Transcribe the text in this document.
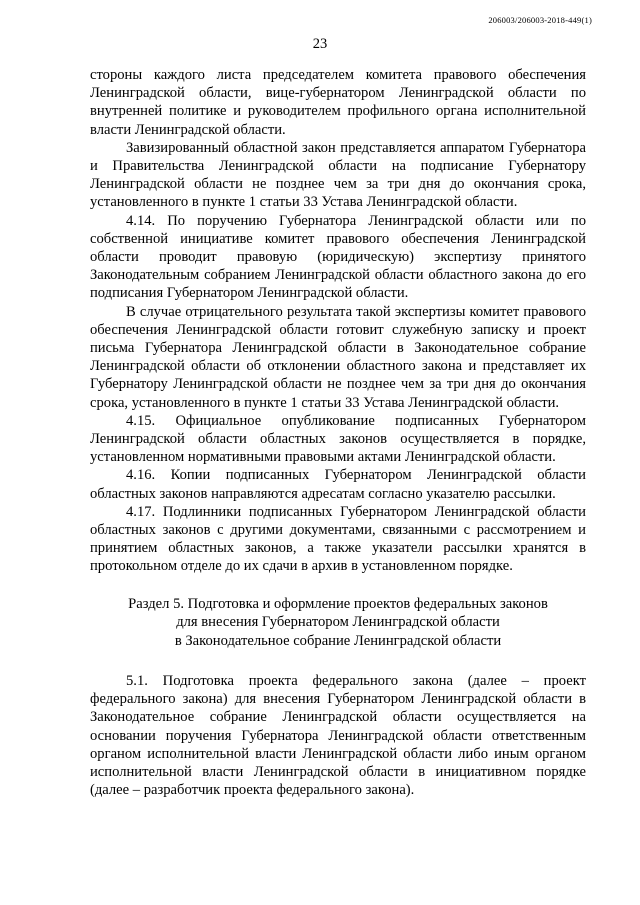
206003/206003-2018-449(1)
23

стороны каждого листа председателем комитета правового обеспечения Ленинградской области, вице-губернатором Ленинградской области по внутренней политике и руководителем профильного органа исполнительной власти Ленинградской области.

Завизированный областной закон представляется аппаратом Губернатора и Правительства Ленинградской области на подписание Губернатору Ленинградской области не позднее чем за три дня до окончания срока, установленного в пункте 1 статьи 33 Устава Ленинградской области.

4.14. По поручению Губернатора Ленинградской области или по собственной инициативе комитет правового обеспечения Ленинградской области проводит правовую (юридическую) экспертизу принятого Законодательным собранием Ленинградской области областного закона до его подписания Губернатором Ленинградской области.

В случае отрицательного результата такой экспертизы комитет правового обеспечения Ленинградской области готовит служебную записку и проект письма Губернатора Ленинградской области в Законодательное собрание Ленинградской области об отклонении областного закона и представляет их Губернатору Ленинградской области не позднее чем за три дня до окончания срока, установленного в пункте 1 статьи 33 Устава Ленинградской области.

4.15. Официальное опубликование подписанных Губернатором Ленинградской области областных законов осуществляется в порядке, установленном нормативными правовыми актами Ленинградской области.

4.16. Копии подписанных Губернатором Ленинградской области областных законов направляются адресатам согласно указателю рассылки.

4.17. Подлинники подписанных Губернатором Ленинградской области областных законов с другими документами, связанными с рассмотрением и принятием областных законов, а также указатели рассылки хранятся в протокольном отделе до их сдачи в архив в установленном порядке.

Раздел 5. Подготовка и оформление проектов федеральных законов
для внесения Губернатором Ленинградской области
в Законодательное собрание Ленинградской области

5.1. Подготовка проекта федерального закона (далее – проект федерального закона) для внесения Губернатором Ленинградской области в Законодательное собрание Ленинградской области осуществляется на основании поручения Губернатора Ленинградской области ответственным органом исполнительной власти Ленинградской области либо иным органом исполнительной власти Ленинградской области в инициативном порядке (далее – разработчик проекта федерального закона).
